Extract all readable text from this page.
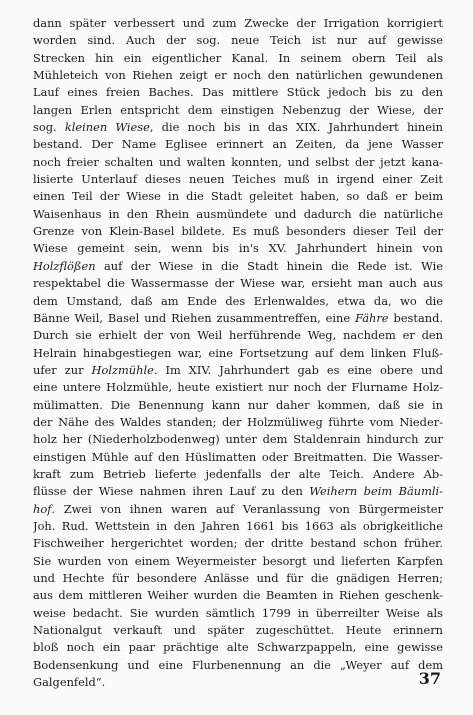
dann später verbessert und zum Zwecke der Irrigation korrigiert
worden sind. Auch der sog. neue Teich ist nur auf gewisse
Strecken hin ein eigentlicher Kanal. In seinem obern Teil als
Mühleteich von Riehen zeigt er noch den natürlichen gewundenen
Lauf eines freien Baches. Das mittlere Stück jedoch bis zu den
langen Erlen entspricht dem einstigen Nebenzug der Wiese, der
sog. kleinen Wiese, die noch bis in das XIX. Jahrhundert hinein
bestand. Der Name Eglisee erinnert an Zeiten, da jene Wasser
noch freier schalten und walten konnten, und selbst der jetzt kana-
lisierte Unterlauf dieses neuen Teiches muß in irgend einer Zeit
einen Teil der Wiese in die Stadt geleitet haben, so daß er beim
Waisenhaus in den Rhein ausmündete und dadurch die natürliche
Grenze von Klein-Basel bildete. Es muß besonders dieser Teil der
Wiese gemeint sein, wenn bis in's XV. Jahrhundert hinein von
Holzflößen auf der Wiese in die Stadt hinein die Rede ist. Wie
respektabel die Wassermasse der Wiese war, ersieht man auch aus
dem Umstand, daß am Ende des Erlenwaldes, etwa da, wo die
Bänne Weil, Basel und Riehen zusammentreffen, eine Fähre bestand.
Durch sie erhielt der von Weil herführende Weg, nachdem er den
Helrain hinabgestiegen war, eine Fortsetzung auf dem linken Fluß-
ufer zur Holzmühle. Im XIV. Jahrhundert gab es eine obere und
eine untere Holzmühle, heute existiert nur noch der Flurname Holz-
mülimatten. Die Benennung kann nur daher kommen, daß sie in
der Nähe des Waldes standen; der Holzmüliweg führte vom Nieder-
holz her (Niederholzbodenweg) unter dem Staldenrain hindurch zur
einstigen Mühle auf den Hüslimatten oder Breitmatten. Die Wasser-
kraft zum Betrieb lieferte jedenfalls der alte Teich. Andere Ab-
flüsse der Wiese nahmen ihren Lauf zu den Weihern beim Bäumli-
hof. Zwei von ihnen waren auf Veranlassung von Bürgermeister
Joh. Rud. Wettstein in den Jahren 1661 bis 1663 als obrigkeitliche
Fischweiher hergerichtet worden; der dritte bestand schon früher.
Sie wurden von einem Weyermeister besorgt und lieferten Karpfen
und Hechte für besondere Anlässe und für die gnädigen Herren;
aus dem mittleren Weiher wurden die Beamten in Riehen geschenk-
weise bedacht. Sie wurden sämtlich 1799 in überreilter Weise als
Nationalgut verkauft und später zugeschüttet. Heute erinnern
bloß noch ein paar prächtige alte Schwarzpappeln, eine gewisse
Bodensenkung und eine Flurbenennung an die „Weyer auf dem
Galgenfeld“.	37
